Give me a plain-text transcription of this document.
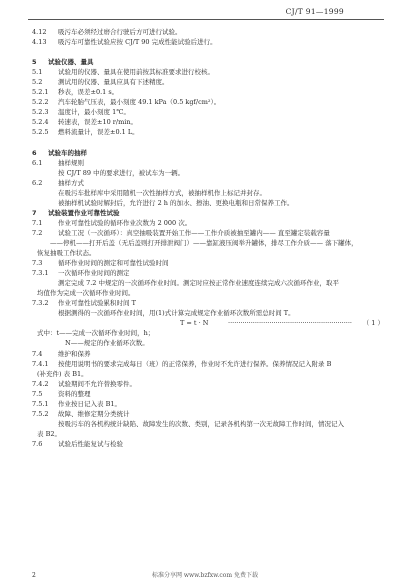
CJ/T 91—1999
4.12	吸污车必须经过磨合行驶后方可进行试验。
4.13	吸污车可靠性试验应按 CJ/T 90 完成性能试验后进行。
5	试验仪器、量具
5.1	试验用的仪器、量具在使用前按其标准要求进行校核。
5.2	测试用的仪器、量具应具有下述精度。
5.2.1	秒表，误差±0.1 s。
5.2.2	汽车轮胎气压表，最小刻度 49.1 kPa（0.5 kgf/cm²）。
5.2.3	温度计，最小刻度 1℃。
5.2.4	转速表，误差±10 r/min。
5.2.5	燃料流量计，误差±0.1 L。
6	试验车的抽样
6.1	抽样规则
按 CJ/T 89 中的要求进行，被试车为一辆。
6.2	抽样方式
在吸污车批样库中采用随机一次性抽样方式，被抽样机作上标记并封存。
被抽样机试验时解封后，允许进行 2 h 的加水、擦油、更换电瓶和日常保养工作。
7	试验装置作业可靠性试验
7.1	作业可靠性试验的循环作业次数为 2 000 次。
7.2	试验工况（一次循环）：真空抽吸装置开始工作——工作介质被抽至罐内—— 直至罐定装载容量
——停机——打开后盖（无后盖则打开排泄阀门）——靠缸液压阀举升罐体，排尽工作介质—— 落下罐体，
恢复抽吸工作状态。
7.3	循环作业时间的测定和可靠性试验时间
7.3.1	一次循环作业时间的测定
测定完成 7.2 中规定的一次循环作业时间。测定时应按正常作业速度连续完成六次循环作业，取平
均值作为完成一次循环作业时间。
7.3.2	作业可靠性试验累积时间 T
根据测得的一次循环作业时间，用(1)式计算完成规定作业循环次数所需总时间 T。
T = t · N	····························································	（ 1 ）
式中：t——完成一次循环作业时间，h；
N——规定的作业循环次数。
7.4	维护和保养
7.4.1	按使用说明书的要求完成每日（班）的正常保养，作业时不允许进行保养。保养情况记入附录 B
(补充件) 表 B1。
7.4.2	试验期间不允许替换零件。
7.5	资料的整理
7.5.1	作业按日记入表 B1。
7.5.2	故障、维修定期分类统计
按吸污车的各机构统计缺陷、故障发生的次数、类别，记录各机构第一次无故障工作时间，情况记入
表 B2。
7.6	试验后性能复试与检验
2	标准分享网 www.bzfxw.com 免费下载
